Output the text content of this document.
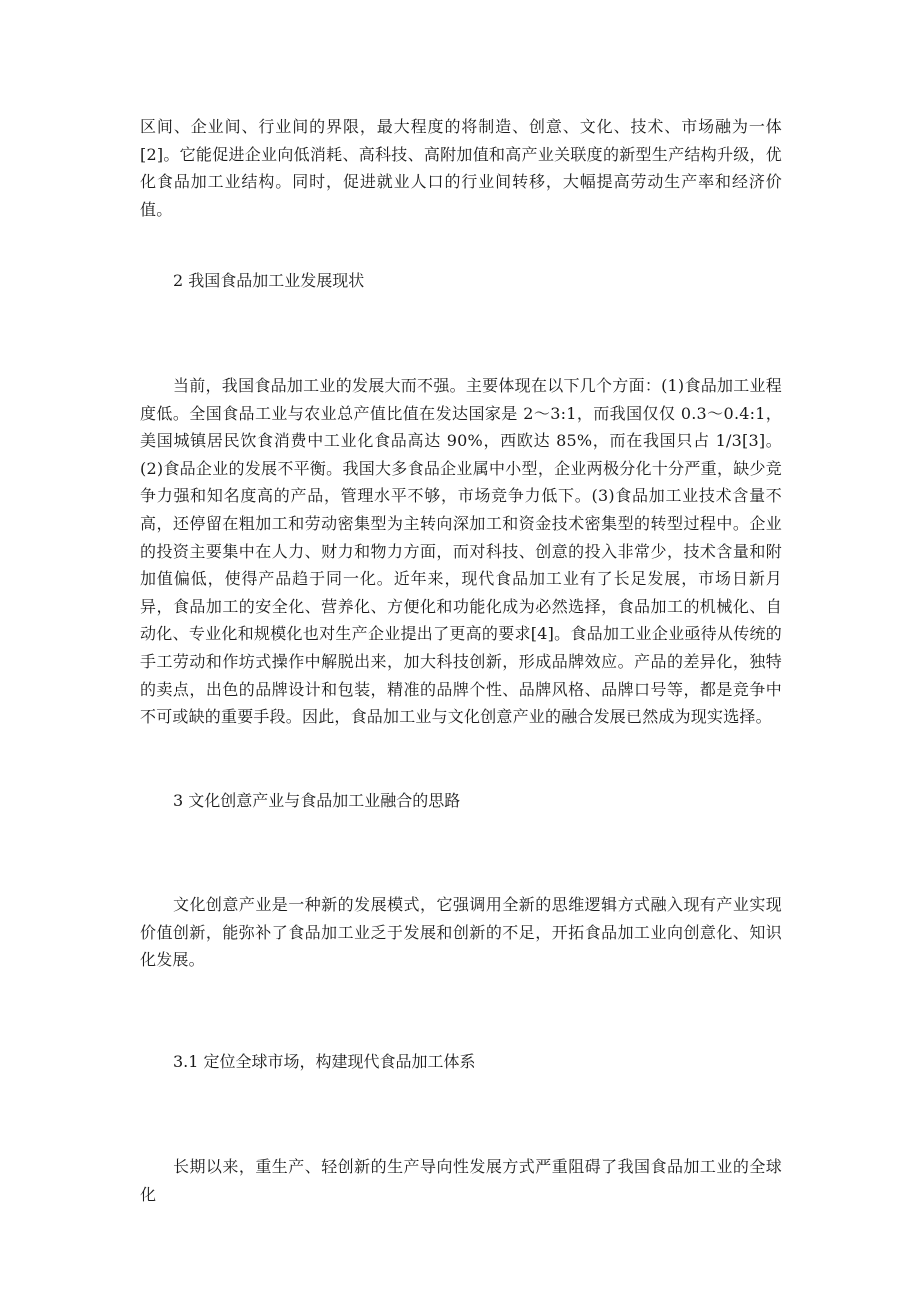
区间、企业间、行业间的界限，最大程度的将制造、创意、文化、技术、市场融为一体[2]。它能促进企业向低消耗、高科技、高附加值和高产业关联度的新型生产结构升级，优化食品加工业结构。同时，促进就业人口的行业间转移，大幅提高劳动生产率和经济价值。

2 我国食品加工业发展现状

当前，我国食品加工业的发展大而不强。主要体现在以下几个方面：(1)食品加工业程度低。全国食品工业与农业总产值比值在发达国家是 2～3:1，而我国仅仅 0.3～0.4:1，美国城镇居民饮食消费中工业化食品高达 90%，西欧达 85%，而在我国只占 1/3[3]。(2)食品企业的发展不平衡。我国大多食品企业属中小型，企业两极分化十分严重，缺少竞争力强和知名度高的产品，管理水平不够，市场竞争力低下。(3)食品加工业技术含量不高，还停留在粗加工和劳动密集型为主转向深加工和资金技术密集型的转型过程中。企业的投资主要集中在人力、财力和物力方面，而对科技、创意的投入非常少，技术含量和附加值偏低，使得产品趋于同一化。近年来，现代食品加工业有了长足发展，市场日新月异，食品加工的安全化、营养化、方便化和功能化成为必然选择，食品加工的机械化、自动化、专业化和规模化也对生产企业提出了更高的要求[4]。食品加工业企业亟待从传统的手工劳动和作坊式操作中解脱出来，加大科技创新，形成品牌效应。产品的差异化，独特的卖点，出色的品牌设计和包装，精准的品牌个性、品牌风格、品牌口号等，都是竞争中不可或缺的重要手段。因此，食品加工业与文化创意产业的融合发展已然成为现实选择。

3 文化创意产业与食品加工业融合的思路

文化创意产业是一种新的发展模式，它强调用全新的思维逻辑方式融入现有产业实现价值创新，能弥补了食品加工业乏于发展和创新的不足，开拓食品加工业向创意化、知识化发展。

3.1 定位全球市场，构建现代食品加工体系

长期以来，重生产、轻创新的生产导向性发展方式严重阻碍了我国食品加工业的全球化
